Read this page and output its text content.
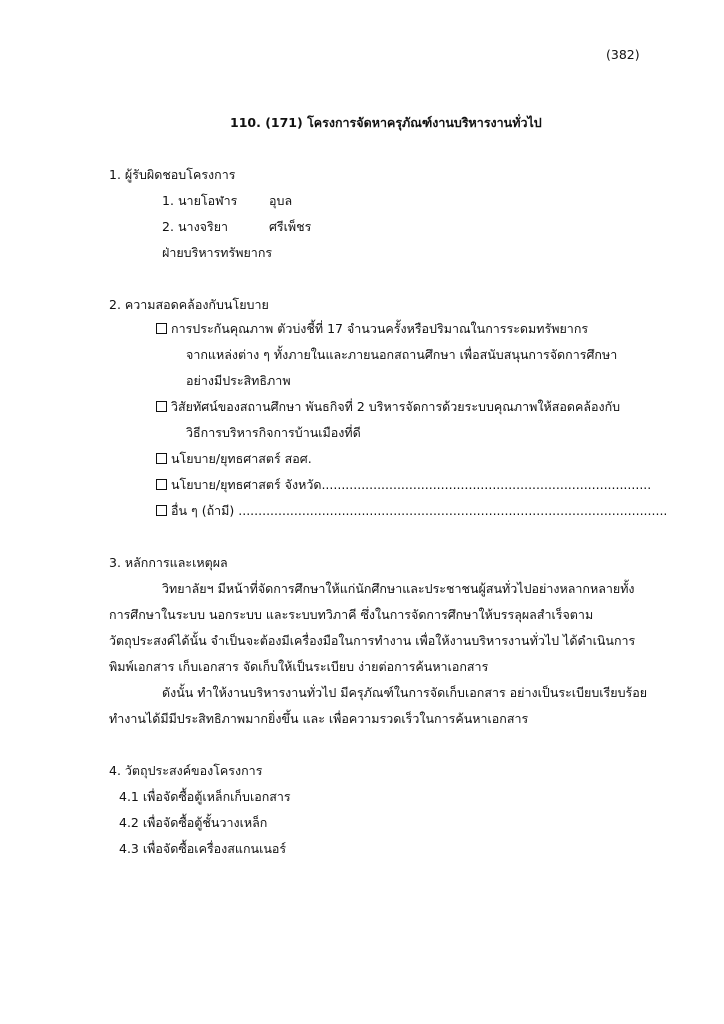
(382)
110. (171) โครงการจัดหาครุภัณฑ์งานบริหารงานทั่วไป
1. ผู้รับผิดชอบโครงการ
1. นายโอฬาร	อุบล
2. นางจริยา	ศรีเพ็ชร
ฝ่ายบริหารทรัพยากร
2. ความสอดคล้องกับนโยบาย
การประกันคุณภาพ ตัวบ่งชี้ที่ 17 จำนวนครั้งหรือปริมาณในการระดมทรัพยากร
จากแหล่งต่าง ๆ ทั้งภายในและภายนอกสถานศึกษา เพื่อสนับสนุนการจัดการศึกษา
อย่างมีประสิทธิภาพ
วิสัยทัศน์ของสถานศึกษา พันธกิจที่ 2 บริหารจัดการด้วยระบบคุณภาพให้สอดคล้องกับ
วิธีการบริหารกิจการบ้านเมืองที่ดี
นโยบาย/ยุทธศาสตร์ สอศ.
นโยบาย/ยุทธศาสตร์ จังหวัด...................................................................................
อื่น ๆ (ถ้ามี) ............................................................................................................
3. หลักการและเหตุผล
วิทยาลัยฯ มีหน้าที่จัดการศึกษาให้แก่นักศึกษาและประชาชนผู้สนทั่วไปอย่างหลากหลายทั้ง
การศึกษาในระบบ นอกระบบ และระบบทวิภาคี ซึ่งในการจัดการศึกษาให้บรรลุผลสำเร็จตาม
วัตถุประสงค์ได้นั้น จำเป็นจะต้องมีเครื่องมือในการทำงาน เพื่อให้งานบริหารงานทั่วไป ได้ดำเนินการ
พิมพ์เอกสาร เก็บเอกสาร จัดเก็บให้เป็นระเบียบ ง่ายต่อการค้นหาเอกสาร
ดังนั้น ทำให้งานบริหารงานทั่วไป มีครุภัณฑ์ในการจัดเก็บเอกสาร อย่างเป็นระเบียบเรียบร้อย
ทำงานได้มีมีประสิทธิภาพมากยิ่งขึ้น และ เพื่อความรวดเร็วในการค้นหาเอกสาร
4. วัตถุประสงค์ของโครงการ
4.1 เพื่อจัดซื้อตู้เหล็กเก็บเอกสาร
4.2 เพื่อจัดซื้อตู้ชั้นวางเหล็ก
4.3 เพื่อจัดซื้อเครื่องสแกนเนอร์
